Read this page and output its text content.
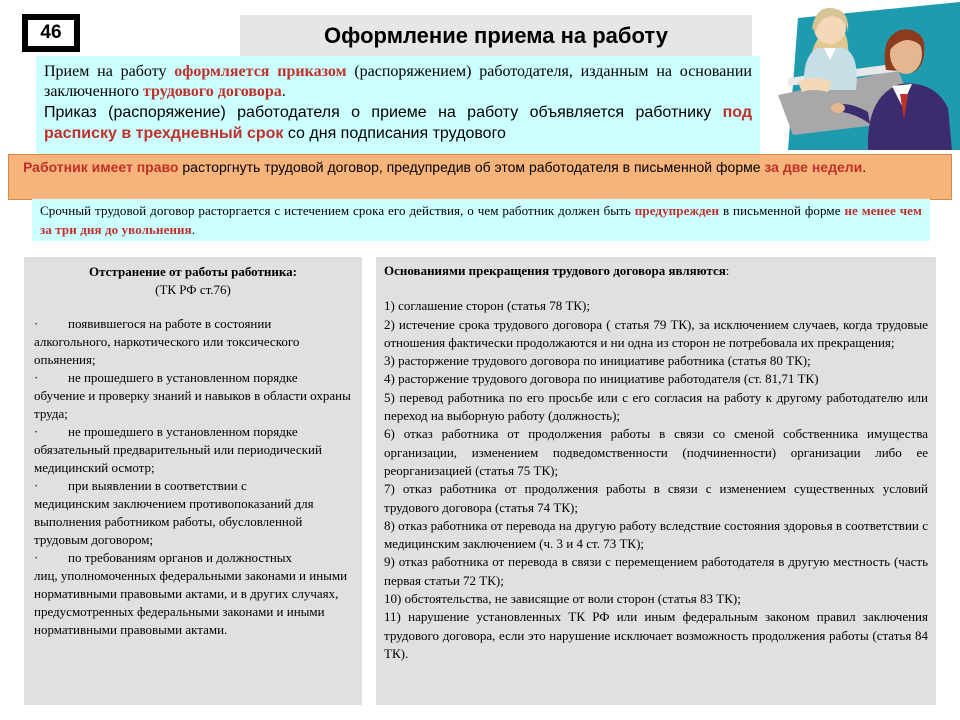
46	Оформление приема на работу

Прием на работу оформляется приказом (распоряжением) работодателя, изданным на основании заключенного трудового договора.

Приказ (распоряжение) работодателя о приеме на работу объявляется работнику под расписку в трехдневный срок со дня подписания трудового

Работник имеет право расторгнуть трудовой договор, предупредив об этом работодателя в письменной форме за две недели.
Срочный трудовой договор расторгается с истечением срока его действия, о чем работник должен быть предупрежден в письменной форме не менее чем за три дня до увольнения.
Отстранение от работы работника:
(ТК РФ ст.76)
·	появившегося на работе в состоянии
алкогольного, наркотического или токсического опьянения;
·	не прошедшего в установленном порядке
обучение и проверку знаний и навыков в области охраны труда;
·	не прошедшего в установленном порядке
обязательный предварительный или периодический медицинский осмотр;
·	при выявлении в соответствии с
медицинским заключением противопоказаний для выполнения работником работы, обусловленной трудовым договором;
·	по требованиям органов и должностных
лиц, уполномоченных федеральными законами и иными нормативными правовыми актами, и в других случаях, предусмотренных федеральными законами и иными нормативными правовыми актами.
Основаниями прекращения трудового договора являются:
1) соглашение сторон (статья 78 ТК);
2) истечение срока трудового договора ( статья 79 ТК), за исключением случаев, когда трудовые отношения фактически продолжаются и ни одна из сторон не потребовала их прекращения;
3) расторжение трудового договора по инициативе работника (статья 80 ТК);
4) расторжение трудового договора по инициативе работодателя (ст. 81,71 ТК)
5) перевод работника по его просьбе или с его согласия на работу к другому работодателю или переход на выборную работу (должность);
6) отказ работника от продолжения работы в связи со сменой собственника имущества организации, изменением подведомственности (подчиненности) организации либо ее реорганизацией (статья 75 ТК);
7) отказ работника от продолжения работы в связи с изменением существенных условий трудового договора (статья 74 ТК);
8) отказ работника от перевода на другую работу вследствие состояния здоровья в соответствии с медицинским заключением (ч. 3 и 4 ст. 73 ТК);
9) отказ работника от перевода в связи с перемещением работодателя в другую местность (часть первая статьи 72 ТК);
10) обстоятельства, не зависящие от воли сторон (статья 83 ТК);
11) нарушение установленных ТК РФ или иным федеральным законом правил заключения трудового договора, если это нарушение исключает возможность продолжения работы (статья 84 ТК).
